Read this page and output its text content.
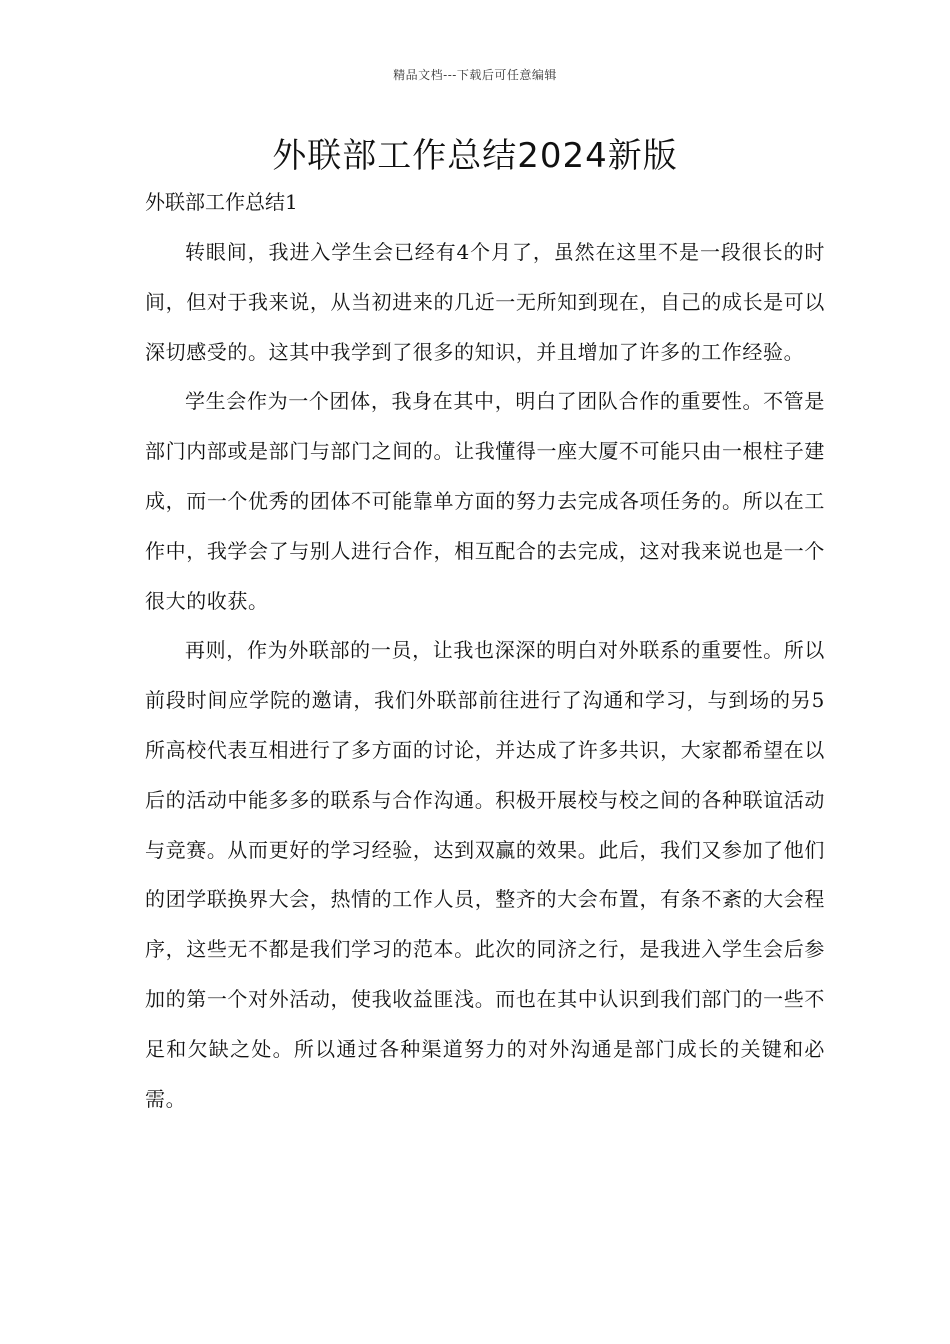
精品文档---下载后可任意编辑
外联部工作总结2024新版

外联部工作总结1

转眼间，我进入学生会已经有4个月了，虽然在这里不是一段很长的时间，但对于我来说，从当初进来的几近一无所知到现在，自己的成长是可以深切感受的。这其中我学到了很多的知识，并且增加了许多的工作经验。

学生会作为一个团体，我身在其中，明白了团队合作的重要性。不管是部门内部或是部门与部门之间的。让我懂得一座大厦不可能只由一根柱子建成，而一个优秀的团体不可能靠单方面的努力去完成各项任务的。所以在工作中，我学会了与别人进行合作，相互配合的去完成，这对我来说也是一个很大的收获。

再则，作为外联部的一员，让我也深深的明白对外联系的重要性。所以前段时间应学院的邀请，我们外联部前往进行了沟通和学习，与到场的另5所高校代表互相进行了多方面的讨论，并达成了许多共识，大家都希望在以后的活动中能多多的联系与合作沟通。积极开展校与校之间的各种联谊活动与竞赛。从而更好的学习经验，达到双赢的效果。此后，我们又参加了他们的团学联换界大会，热情的工作人员，整齐的大会布置，有条不紊的大会程序，这些无不都是我们学习的范本。此次的同济之行，是我进入学生会后参加的第一个对外活动，使我收益匪浅。而也在其中认识到我们部门的一些不足和欠缺之处。所以通过各种渠道努力的对外沟通是部门成长的关键和必需。
